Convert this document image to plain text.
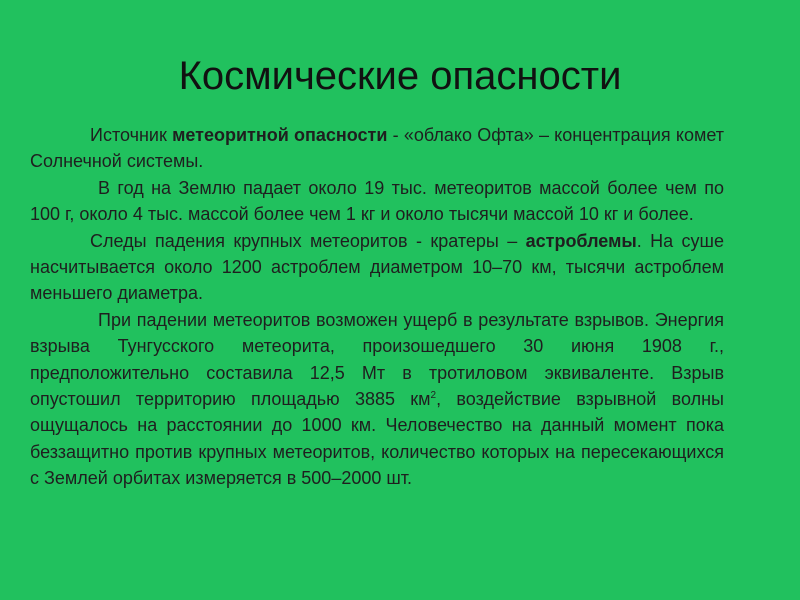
Космические опасности

Источник метеоритной опасности - «облако Офта» – концентрация комет Солнечной системы.

В год на Землю падает около 19 тыс. метеоритов массой более чем по 100 г, около 4 тыс. массой более чем 1 кг и около тысячи массой 10 кг и более.

Следы падения крупных метеоритов - кратеры – астроблемы. На суше насчитывается около 1200 астроблем диаметром 10–70 км, тысячи астроблем меньшего диаметра.

При падении метеоритов возможен ущерб в результате взрывов. Энергия взрыва Тунгусского метеорита, произошедшего 30 июня 1908 г., предположительно составила 12,5 Мт в тротиловом эквиваленте. Взрыв опустошил территорию площадью 3885 $км^2$, воздействие взрывной волны ощущалось на расстоянии до 1000 км. Человечество на данный момент пока беззащитно против крупных метеоритов, количество которых на пересекающихся с Землей орбитах измеряется в 500–2000 шт.
